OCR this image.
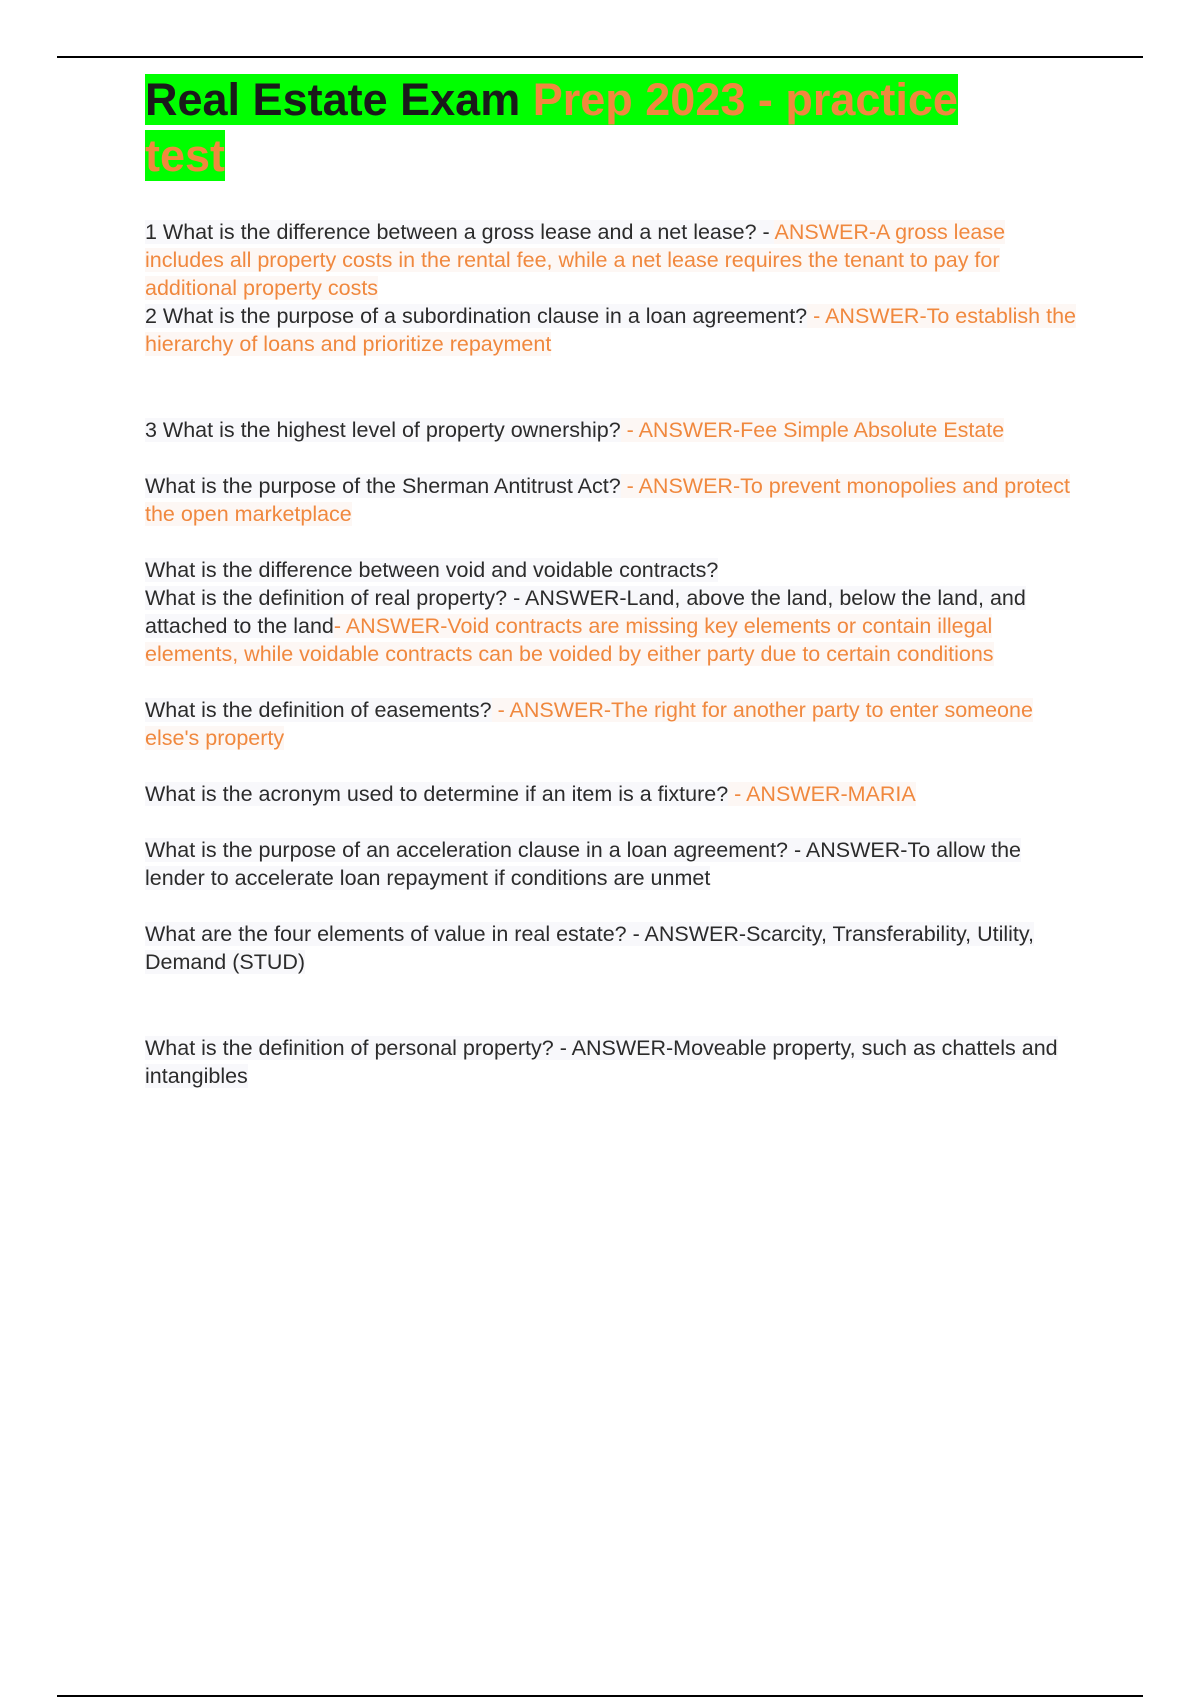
Real Estate Exam Prep 2023 - practice test

1 What is the difference between a gross lease and a net lease? - ANSWER-A gross lease includes all property costs in the rental fee, while a net lease requires the tenant to pay for additional property costs

2 What is the purpose of a subordination clause in a loan agreement? - ANSWER-To establish the hierarchy of loans and prioritize repayment

3 What is the highest level of property ownership? - ANSWER-Fee Simple Absolute Estate

What is the purpose of the Sherman Antitrust Act? - ANSWER-To prevent monopolies and protect the open marketplace

What is the difference between void and voidable contracts?
What is the definition of real property? - ANSWER-Land, above the land, below the land, and attached to the land- ANSWER-Void contracts are missing key elements or contain illegal elements, while voidable contracts can be voided by either party due to certain conditions

What is the definition of easements? - ANSWER-The right for another party to enter someone else's property

What is the acronym used to determine if an item is a fixture? - ANSWER-MARIA

What is the purpose of an acceleration clause in a loan agreement? - ANSWER-To allow the lender to accelerate loan repayment if conditions are unmet

What are the four elements of value in real estate? - ANSWER-Scarcity, Transferability, Utility, Demand (STUD)

What is the definition of personal property? - ANSWER-Moveable property, such as chattels and intangibles
